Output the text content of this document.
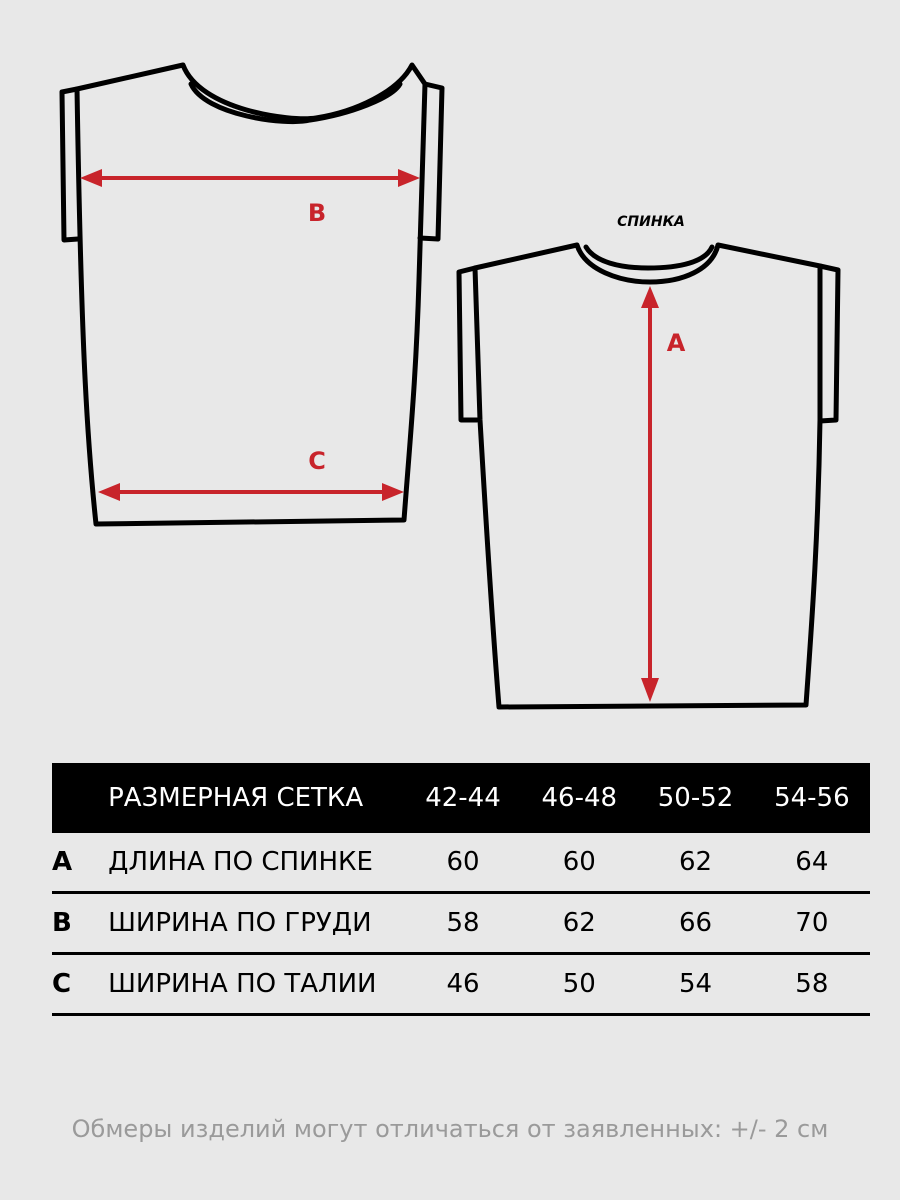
B
C
A
СПИНКА
	РАЗМЕРНАЯ СЕТКА	42-44	46-48	50-52	54-56
A	ДЛИНА ПО СПИНКЕ	60	60	62	64
B	ШИРИНА ПО ГРУДИ	58	62	66	70
C	ШИРИНА ПО ТАЛИИ	46	50	54	58
Обмеры изделий могут отличаться от заявленных: +/- 2 см
